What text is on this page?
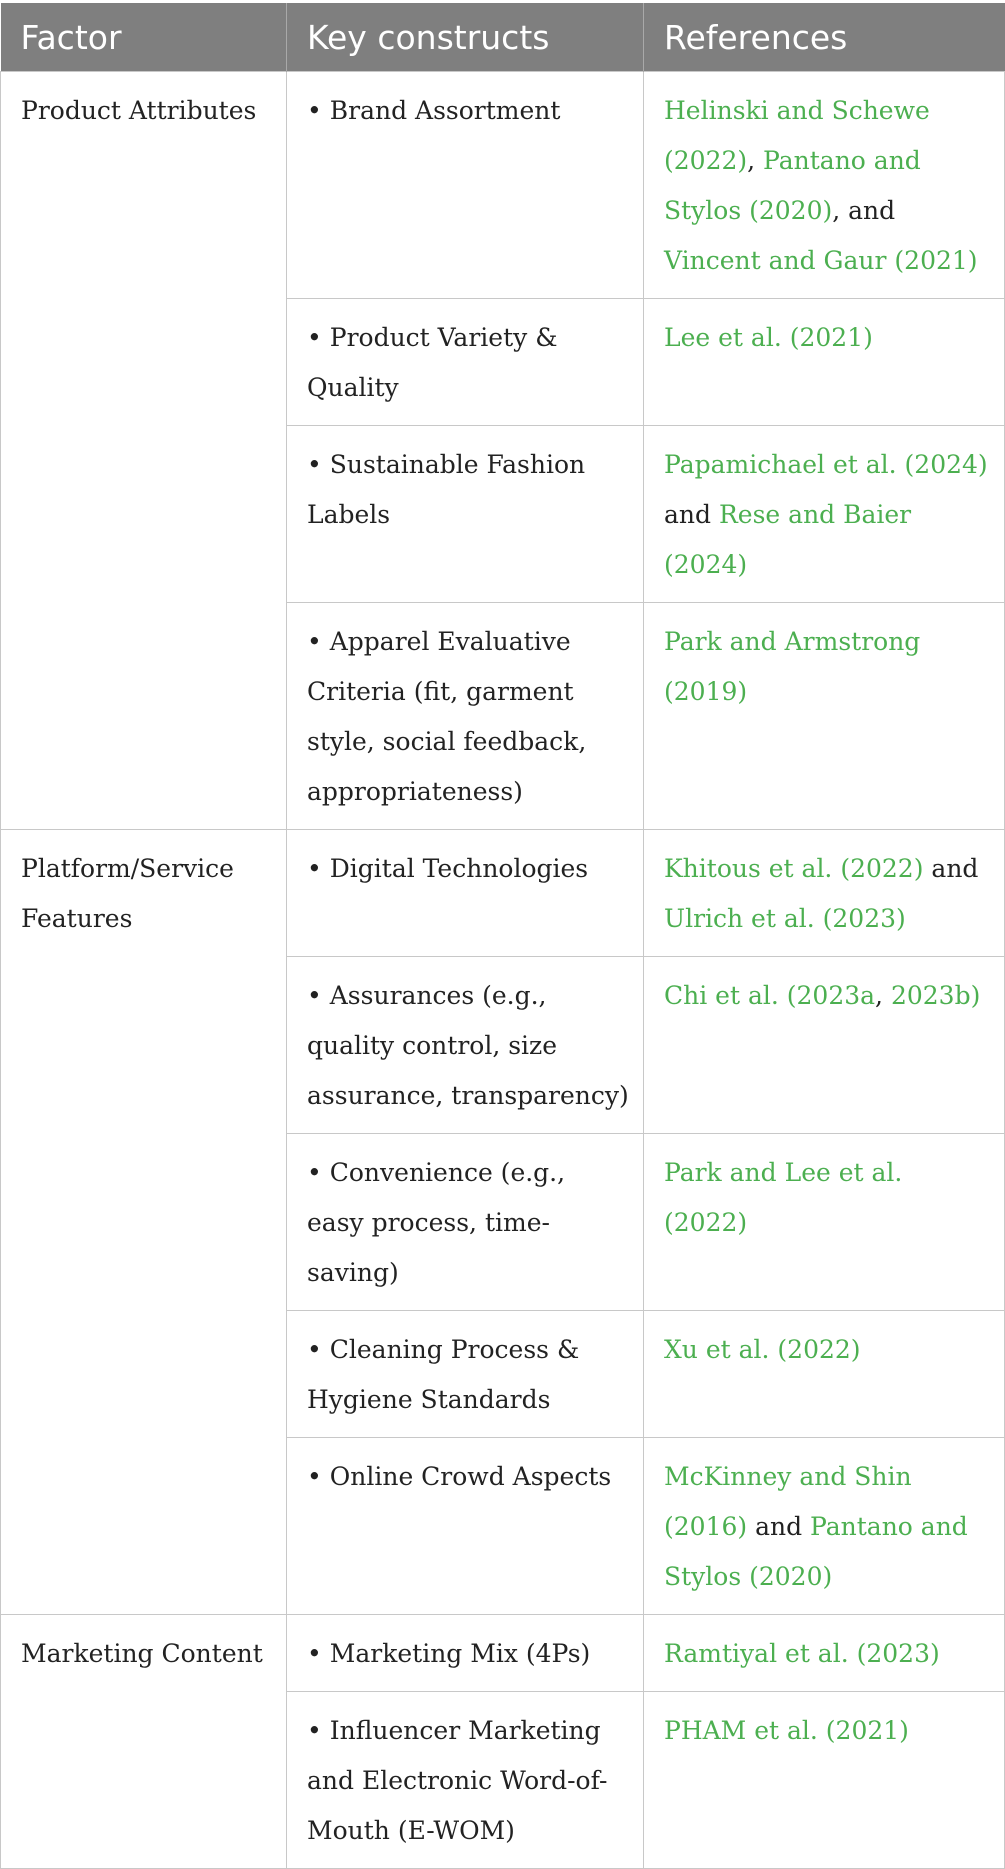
Factor	Key constructs	References
Product Attributes	• Brand Assortment	Helinski and Schewe (2022), Pantano and Stylos (2020), and Vincent and Gaur (2021)
	• Product Variety & Quality	Lee et al. (2021)
	• Sustainable Fashion Labels	Papamichael et al. (2024) and Rese and Baier (2024)
	• Apparel Evaluative Criteria (fit, garment style, social feedback, appropriateness)	Park and Armstrong (2019)
Platform/Service Features	• Digital Technologies	Khitous et al. (2022) and Ulrich et al. (2023)
	• Assurances (e.g., quality control, size assurance, transparency)	Chi et al. (2023a, 2023b)
	• Convenience (e.g., easy process, time-saving)	Park and Lee et al. (2022)
	• Cleaning Process & Hygiene Standards	Xu et al. (2022)
	• Online Crowd Aspects	McKinney and Shin (2016) and Pantano and Stylos (2020)
Marketing Content	• Marketing Mix (4Ps)	Ramtiyal et al. (2023)
	• Influencer Marketing and Electronic Word-of-Mouth (E-WOM)	PHAM et al. (2021)
